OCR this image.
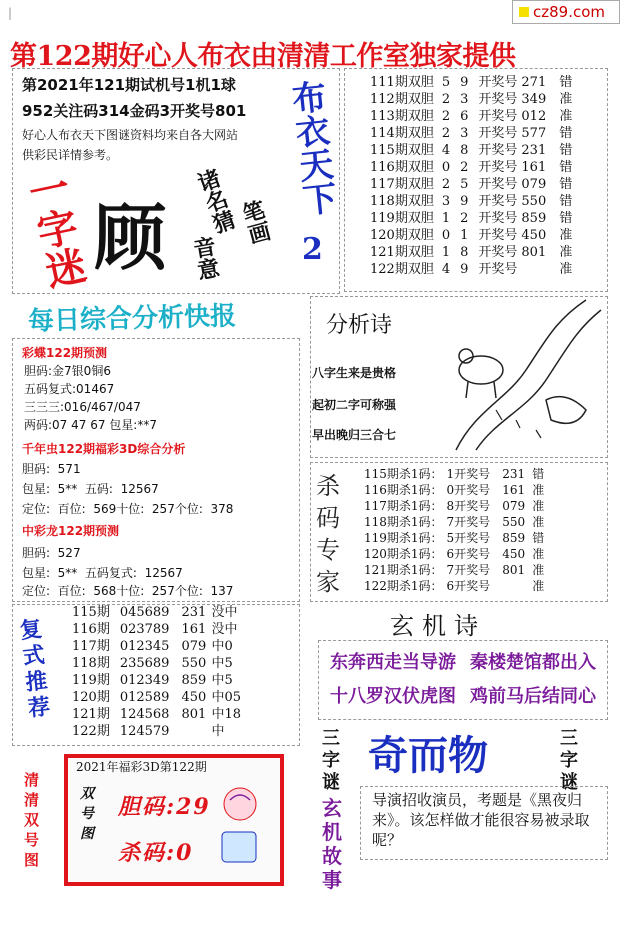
|	cz89.com
第122期好心人布衣由清清工作室独家提供
第2021年121期试机号1机1球
952关注码314金码3开奖号801
好心人布衣天下图谜资料均来自各大网站
供彩民详情参考。
一字迷 顾 诸名猜
笔画
音意
布衣天下
2
111期双胆	5	9	开奖号	271	错
112期双胆	2	3	开奖号	349	准
113期双胆	2	6	开奖号	012	准
114期双胆	2	3	开奖号	577	错
115期双胆	4	8	开奖号	231	错
116期双胆	0	2	开奖号	161	错
117期双胆	2	5	开奖号	079	错
118期双胆	3	9	开奖号	550	错
119期双胆	1	2	开奖号	859	错
120期双胆	0	1	开奖号	450	准
121期双胆	1	8	开奖号	801	准
122期双胆	4	9	开奖号		准
每日综合分析快报
彩蝶122期预测
胆码:金7银0铜6
五码复式:01467
三三三:016/467/047
两码:07 47 67 包星:**7
千年虫122期福彩3D综合分析
胆码:  571
包星:  5**  五码:  12567
定位:  百位:  569十位:  257个位:  378
中彩龙122期预测
胆码:  527
包星:  5**  五码复式:  12567
定位:  百位:  568十位:  257个位:  137
分析诗
八字生来是贵格
起初二字可称强
早出晚归三合七
杀
码
专
家
115期杀1码：	1开奖号	231	错
116期杀1码：	0开奖号	161	准
117期杀1码：	8开奖号	079	准
118期杀1码：	7开奖号	550	准
119期杀1码：	5开奖号	859	错
120期杀1码：	6开奖号	450	准
121期杀1码：	7开奖号	801	准
122期杀1码：	6开奖号		准
复
式
推
荐
115期	045689	231	没中
116期	023789	161	没中
117期	012345	079	中0
118期	235689	550	中5
119期	012349	859	中5
120期	012589	450	中05
121期	124568	801	中18
122期	124579		中
玄机诗
东奔西走当导游 秦楼楚馆都出入
十八罗汉伏虎图 鸡前马后结同心
三
字
谜
三
字
谜
奇而物
玄
机
故
事
导演招收演员，考题是《黑夜归来》。该怎样做才能很容易被录取呢？
清
清
双
号
图
2021年福彩3D第122期
双
号
图
胆码:29
杀码:0
